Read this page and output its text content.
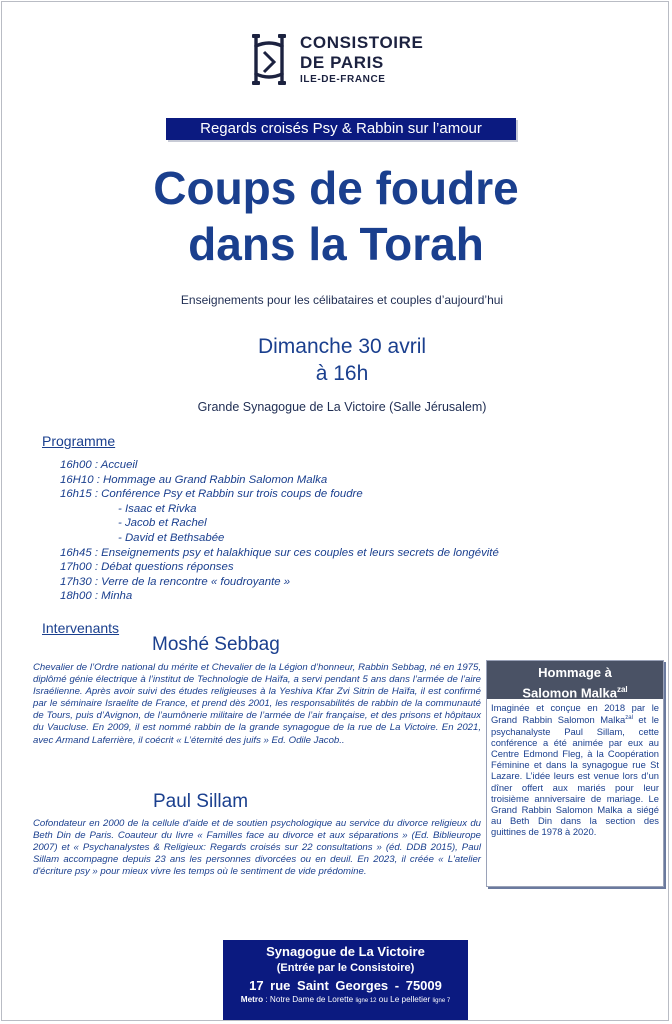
CONSISTOIRE
DE PARIS
ILE-DE-FRANCE
Regards croisés Psy & Rabbin sur l’amour
Coups de foudre
dans la Torah
Enseignements pour les célibataires et couples d’aujourd’hui
Dimanche 30 avril
à 16h
Grande Synagogue de La Victoire (Salle Jérusalem)
Programme
16h00 : Accueil
16H10 : Hommage au Grand Rabbin Salomon Malka
16h15 : Conférence Psy et Rabbin sur trois coups de foudre
- Isaac et Rivka
- Jacob et Rachel
- David et Bethsabée
16h45 : Enseignements psy et halakhique sur ces couples et leurs secrets de longévité
17h00 : Débat questions réponses
17h30 : Verre de la rencontre « foudroyante »
18h00 : Minha
Intervenants
Moshé Sebbag
Chevalier de l’Ordre national du mérite et Chevalier de la Légion d’honneur, Rabbin Sebbag, né en 1975, diplômé génie électrique à l’institut de Technologie de Haïfa, a servi pendant 5 ans dans l’armée de l’aire Israélienne. Après avoir suivi des études religieuses à la Yeshiva Kfar Zvi Sitrin de Haïfa, il est confirmé par le séminaire Israelite de France, et prend dès 2001, les responsabilités de rabbin de la communauté de Tours, puis d’Avignon, de l’aumônerie militaire de l’armée de l’air française, et des prisons et hôpitaux du Vaucluse. En 2009, il est nommé rabbin de la grande synagogue de la rue de La Victoire. En 2021, avec Armand Laferrière, il coécrit « L’éternité des juifs » Ed. Odile Jacob..
Paul Sillam
Cofondateur en 2000 de la cellule d'aide et de soutien psychologique au service du divorce religieux du Beth Din de Paris. Coauteur du livre « Familles face au divorce et aux séparations » (Ed. Biblieurope 2007) et « Psychanalystes & Religieux: Regards croisés sur 22 consultations » (éd. DDB 2015), Paul Sillam accompagne depuis 23 ans les personnes divorcées ou en deuil. En 2023, il créée « L'atelier d'écriture psy » pour mieux vivre les temps où le sentiment de vide prédomine.
Hommage à
Salomon Malka$^{zal}$
Imaginée et conçue en 2018 par le Grand Rabbin Salomon Malka$^{zal}$ et le psychanalyste Paul Sillam, cette conférence a été animée par eux au Centre Edmond Fleg, à la Coopération Féminine et dans la synagogue rue St Lazare. L’idée leurs est venue lors d’un dîner offert aux mariés pour leur troisième anniversaire de mariage. Le Grand Rabbin Salomon Malka a siégé au Beth Din dans la section des guittines de 1978 à 2020.
Synagogue de La Victoire
(Entrée par le Consistoire)
17 rue Saint Georges - 75009
Metro : Notre Dame de Lorette ligne 12 ou Le pelletier ligne 7
